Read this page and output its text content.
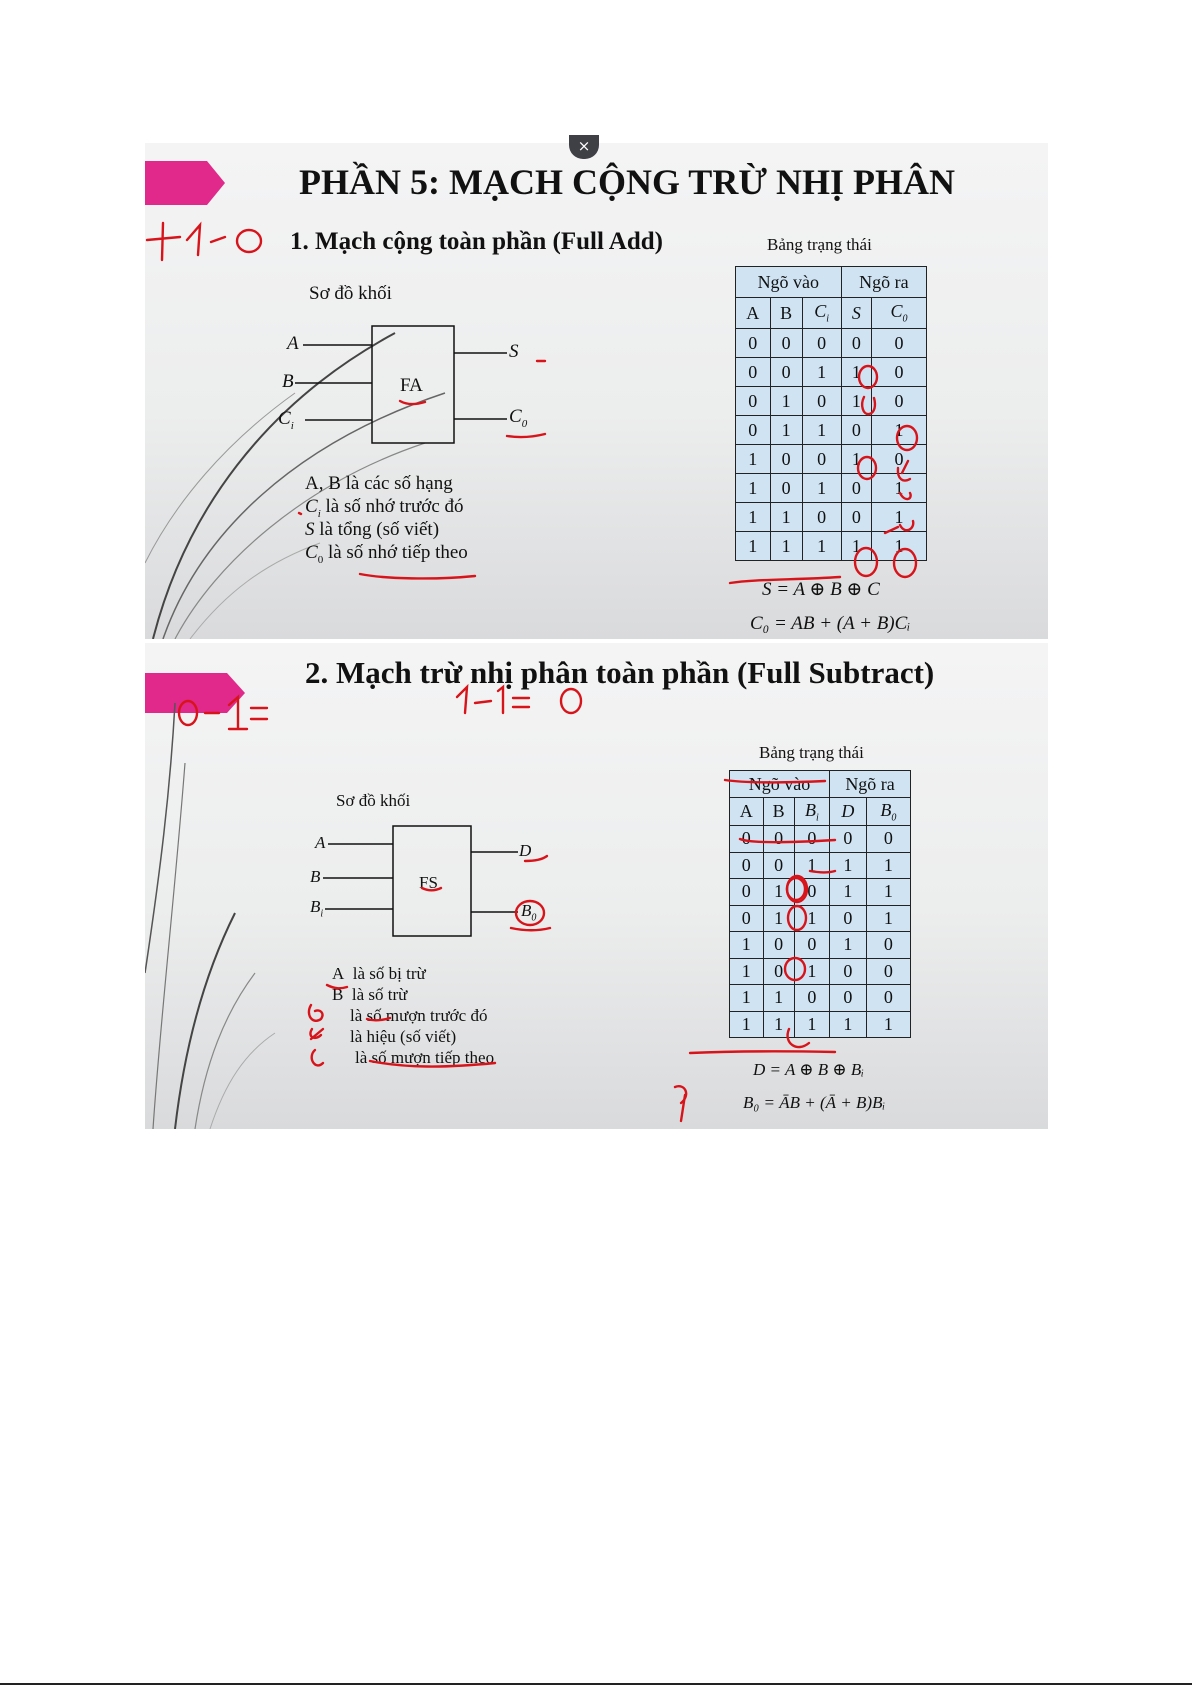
×
PHẦN 5: MẠCH CỘNG TRỪ NHỊ PHÂN
1. Mạch cộng toàn phần (Full Add)
Sơ đồ khối
FA
A
B
$C_i$
S
$C_0$
A, B là các số hạng
$C_i$ là số nhớ trước đó
S là tổng (số viết)
$C_0$ là số nhớ tiếp theo
Bảng trạng thái
Ngõ vào			Ngõ ra	
A	B	$C_i$	S	$C_0$
0	0	0	0	0
0	0	1	1	0
0	1	0	1	0
0	1	1	0	1
1	0	0	1	0
1	0	1	0	1
1	1	0	0	1
1	1	1	1	1
S = A ⊕ B ⊕ C
C₀ = AB + (A + B)Cᵢ
2. Mạch trừ nhị phân toàn phần (Full Subtract)
Sơ đồ khối
FS
A
B
$B_i$
D
$B_0$
A là số bị trừ
B là số trừ
là số mượn trước đó
là hiệu (số viết)
là số mượn tiếp theo
Bảng trạng thái
Ngõ vào			Ngõ ra	
A	B	$B_i$	D	$B_0$
0	0	0	0	0
0	0	1	1	1
0	1	0	1	1
0	1	1	0	1
1	0	0	1	0
1	0	1	0	0
1	1	0	0	0
1	1	1	1	1
D = A ⊕ B ⊕ Bᵢ
B₀ = ĀB + (Ā + B)Bᵢ
